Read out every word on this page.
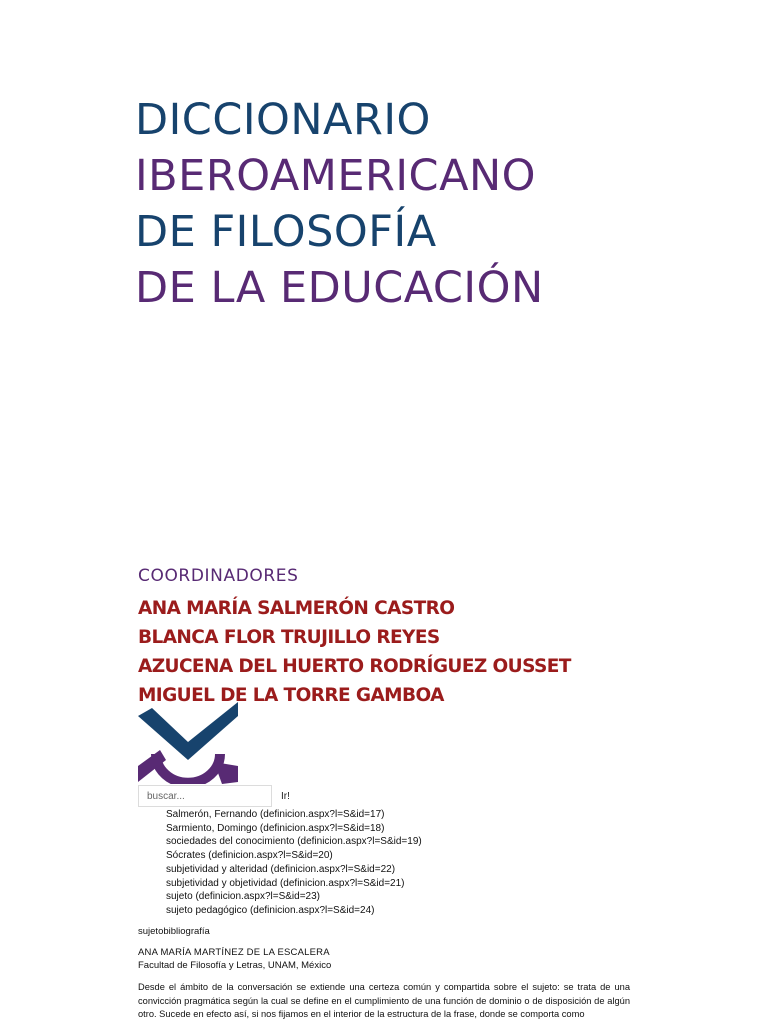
DICCIONARIO
IBEROAMERICANO
DE FILOSOFÍA
DE LA EDUCACIÓN
COORDINADORES
ANA MARÍA SALMERÓN CASTRO
BLANCA FLOR TRUJILLO REYES
AZUCENA DEL HUERTO RODRÍGUEZ OUSSET
MIGUEL DE LA TORRE GAMBOA
buscar...
Ir!
Salmerón, Fernando (definicion.aspx?l=S&id=17)
Sarmiento, Domingo (definicion.aspx?l=S&id=18)
sociedades del conocimiento (definicion.aspx?l=S&id=19)
Sócrates (definicion.aspx?l=S&id=20)
subjetividad y alteridad (definicion.aspx?l=S&id=22)
subjetividad y objetividad (definicion.aspx?l=S&id=21)
sujeto (definicion.aspx?l=S&id=23)
sujeto pedagógico (definicion.aspx?l=S&id=24)
sujetobibliografía
ANA MARÍA MARTÍNEZ DE LA ESCALERA
Facultad de Filosofía y Letras, UNAM, México
Desde el ámbito de la conversación se extiende una certeza común y compartida sobre el sujeto: se trata de una convicción pragmática según la cual se define en el cumplimiento de una función de dominio o de disposición de algún otro. Sucede en efecto así, si nos fijamos en el interior de la estructura de la frase, donde se comporta como
